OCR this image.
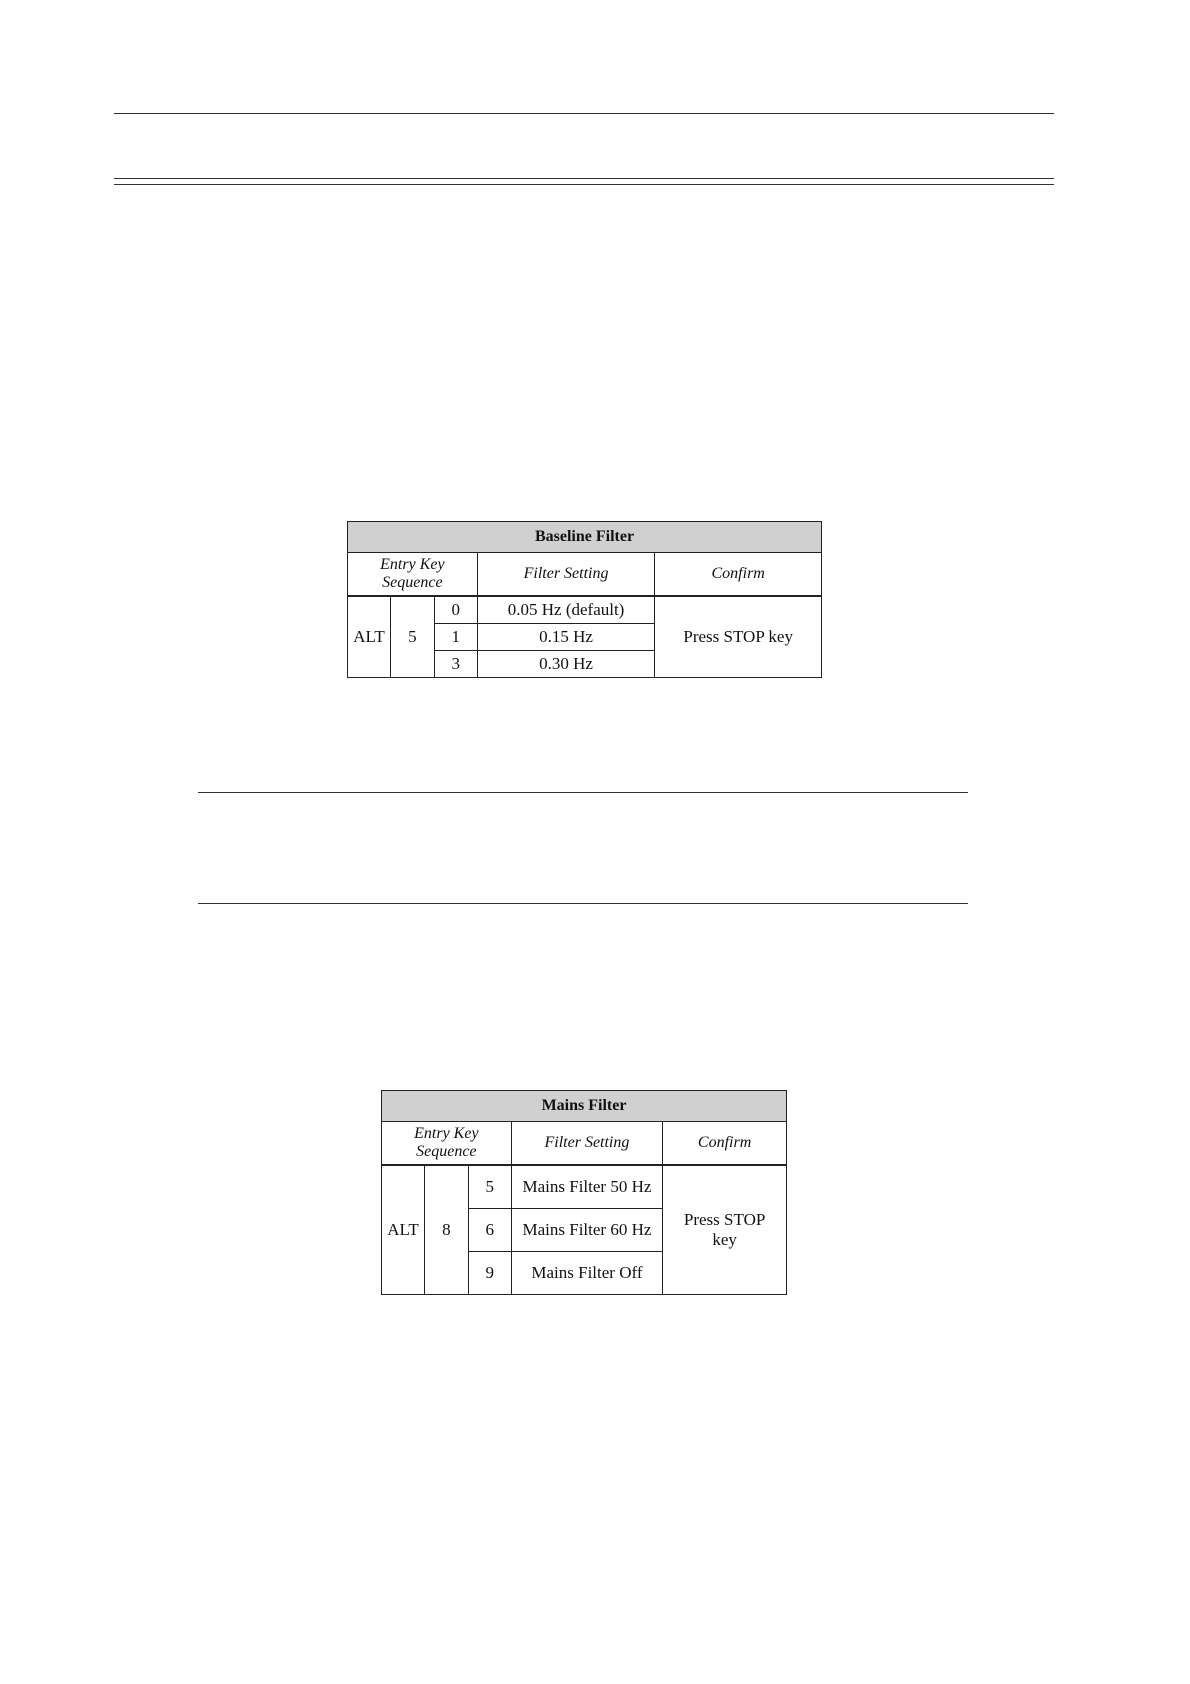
Baseline Filter				
Entry Key Sequence			Filter Setting	Confirm
ALT	5	0	0.05 Hz (default)	Press STOP key
		1	0.15 Hz	
		3	0.30 Hz	
Mains Filter				
Entry Key Sequence			Filter Setting	Confirm
ALT	8	5	Mains Filter 50 Hz	Press STOP key
		6	Mains Filter 60 Hz	
		9	Mains Filter Off	
